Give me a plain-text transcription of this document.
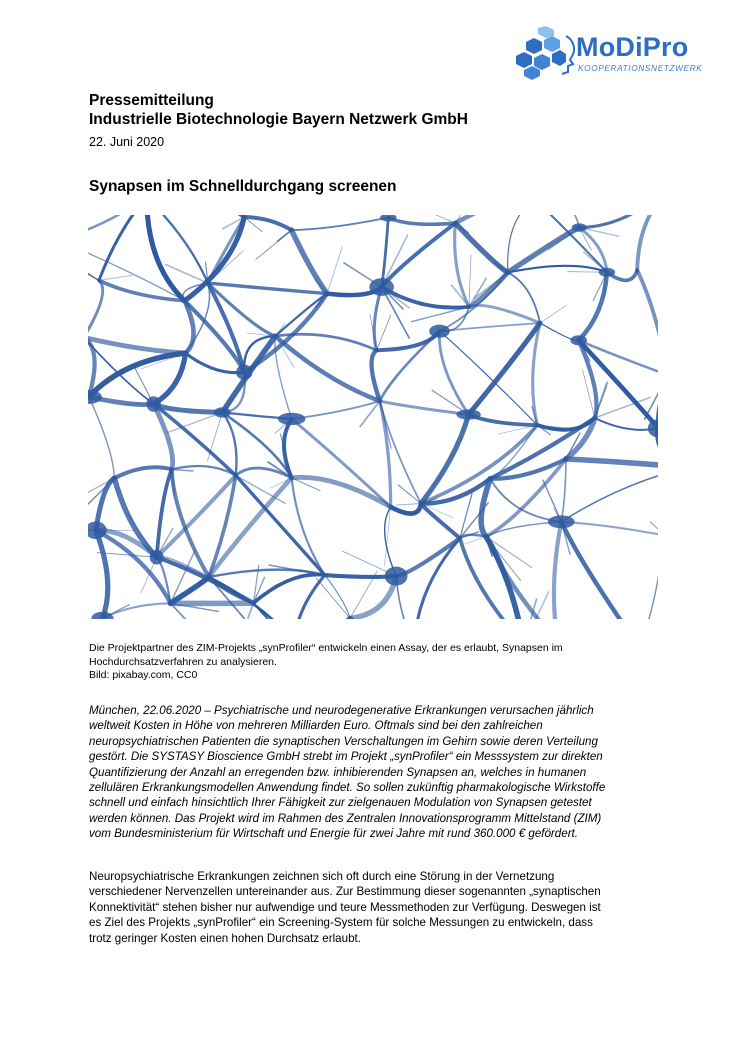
MoDiPro
KOOPERATIONSNETZWERK
Pressemitteilung
Industrielle Biotechnologie Bayern Netzwerk GmbH
22. Juni 2020
Synapsen im Schnelldurchgang screenen
Die Projektpartner des ZIM-Projekts „synProfiler“ entwickeln einen Assay, der es erlaubt, Synapsen im
Hochdurchsatzverfahren zu analysieren.
Bild: pixabay.com, CC0
München, 22.06.2020 – Psychiatrische und neurodegenerative Erkrankungen verursachen jährlich
weltweit Kosten in Höhe von mehreren Milliarden Euro. Oftmals sind bei den zahlreichen
neuropsychiatrischen Patienten die synaptischen Verschaltungen im Gehirn sowie deren Verteilung
gestört. Die SYSTASY Bioscience GmbH strebt im Projekt „synProfiler“ ein Messsystem zur direkten
Quantifizierung der Anzahl an erregenden bzw. inhibierenden Synapsen an, welches in humanen
zellulären Erkrankungsmodellen Anwendung findet. So sollen zukünftig pharmakologische Wirkstoffe
schnell und einfach hinsichtlich Ihrer Fähigkeit zur zielgenauen Modulation von Synapsen getestet
werden können. Das Projekt wird im Rahmen des Zentralen Innovationsprogramm Mittelstand (ZIM)
vom Bundesministerium für Wirtschaft und Energie für zwei Jahre mit rund 360.000 € gefördert.
Neuropsychiatrische Erkrankungen zeichnen sich oft durch eine Störung in der Vernetzung
verschiedener Nervenzellen untereinander aus. Zur Bestimmung dieser sogenannten „synaptischen
Konnektivität“ stehen bisher nur aufwendige und teure Messmethoden zur Verfügung. Deswegen ist
es Ziel des Projekts „synProfiler“ ein Screening-System für solche Messungen zu entwickeln, dass
trotz geringer Kosten einen hohen Durchsatz erlaubt.
